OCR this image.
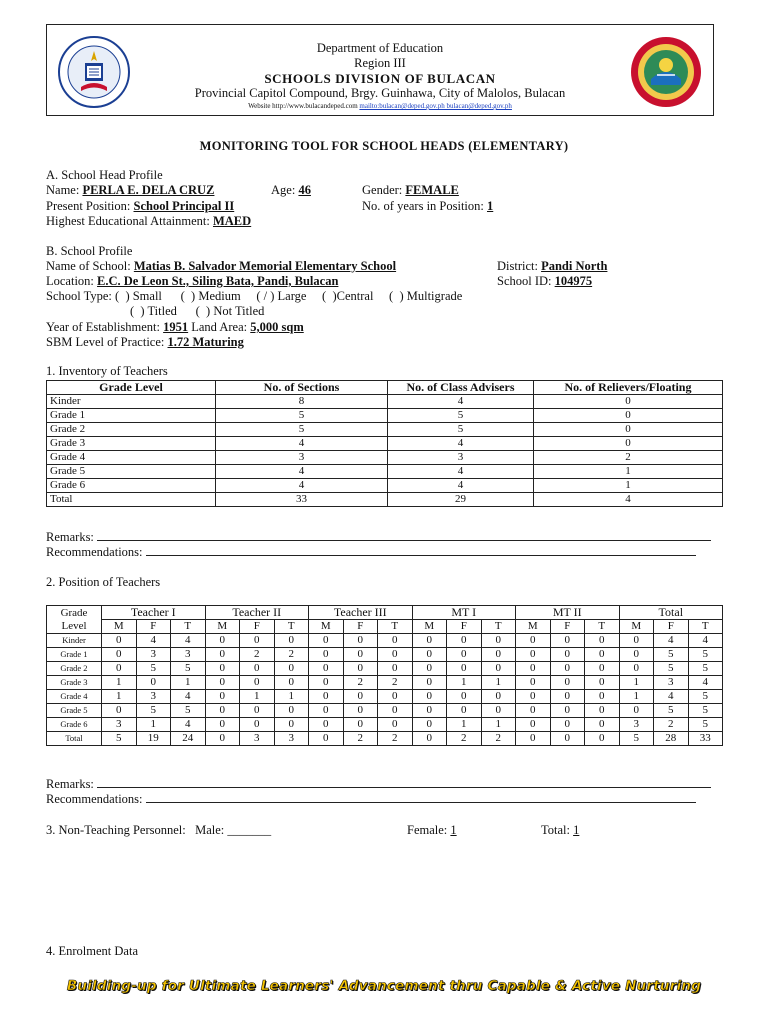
Department of Education
Region III
SCHOOLS DIVISION OF BULACAN
Provincial Capitol Compound, Brgy. Guinhawa, City of Malolos, Bulacan
Website http://www.bulacandeped.com mailto:bulacan@deped.gov.ph bulacan@deped.gov.ph
MONITORING TOOL FOR SCHOOL HEADS (ELEMENTARY)
A. School Head Profile
Name: PERLA E. DELA CRUZ	Age: 46	Gender: FEMALE
Present Position: School Principal II	No. of years in Position: 1
Highest Educational Attainment: MAED
B. School Profile
Name of School: Matias B. Salvador Memorial Elementary School	District: Pandi North
Location: E.C. De Leon St., Siling Bata, Pandi, Bulacan	School ID: 104975
School Type: (  ) Small      (  ) Medium     ( / ) Large     (  )Central     (  ) Multigrade
(  ) Titled      (  ) Not Titled
Year of Establishment: 1951 Land Area: 5,000 sqm
SBM Level of Practice: 1.72 Maturing
1. Inventory of Teachers
Grade Level	No. of Sections	No. of Class Advisers	No. of Relievers/Floating
Kinder	8	4	0
Grade 1	5	5	0
Grade 2	5	5	0
Grade 3	4	4	0
Grade 4	3	3	2
Grade 5	4	4	1
Grade 6	4	4	1
Total	33	29	4
Remarks:
Recommendations:
2. Position of Teachers
Grade
Level	Teacher I			Teacher II			Teacher III			MT I			MT II			Total		
	M	F	T	M	F	T	M	F	T	M	F	T	M	F	T	M	F	T
Kinder	0	4	4	0	0	0	0	0	0	0	0	0	0	0	0	0	4	4
Grade 1	0	3	3	0	2	2	0	0	0	0	0	0	0	0	0	0	5	5
Grade 2	0	5	5	0	0	0	0	0	0	0	0	0	0	0	0	0	5	5
Grade 3	1	0	1	0	0	0	0	2	2	0	1	1	0	0	0	1	3	4
Grade 4	1	3	4	0	1	1	0	0	0	0	0	0	0	0	0	1	4	5
Grade 5	0	5	5	0	0	0	0	0	0	0	0	0	0	0	0	0	5	5
Grade 6	3	1	4	0	0	0	0	0	0	0	1	1	0	0	0	3	2	5
Total	5	19	24	0	3	3	0	2	2	0	2	2	0	0	0	5	28	33
Remarks:
Recommendations:
3. Non-Teaching Personnel: Male: _______	Female: 1	Total: 1
4. Enrolment Data
Building-up for Ultimate Learners' Advancement thru Capable & Active Nurturing
